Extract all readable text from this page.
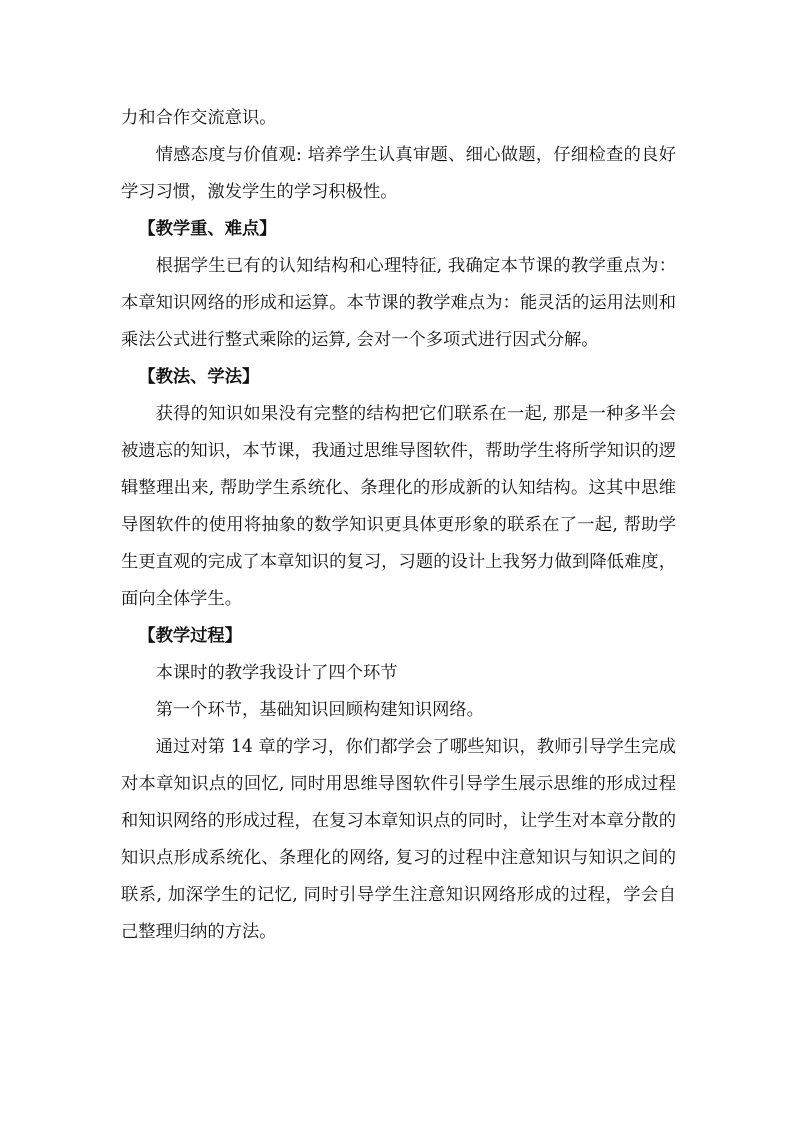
力和合作交流意识。

情感态度与价值观: 培养学生认真审题、细心做题，仔细检查的良好学习习惯，激发学生的学习积极性。

【教学重、难点】

根据学生已有的认知结构和心理特征, 我确定本节课的教学重点为：本章知识网络的形成和运算。本节课的教学难点为：能灵活的运用法则和乘法公式进行整式乘除的运算, 会对一个多项式进行因式分解。

【教法、学法】

获得的知识如果没有完整的结构把它们联系在一起, 那是一种多半会被遗忘的知识，本节课，我通过思维导图软件，帮助学生将所学知识的逻辑整理出来, 帮助学生系统化、条理化的形成新的认知结构。这其中思维导图软件的使用将抽象的数学知识更具体更形象的联系在了一起, 帮助学生更直观的完成了本章知识的复习，习题的设计上我努力做到降低难度，面向全体学生。

【教学过程】

本课时的教学我设计了四个环节

第一个环节，基础知识回顾构建知识网络。

通过对第 14 章的学习，你们都学会了哪些知识，教师引导学生完成对本章知识点的回忆, 同时用思维导图软件引导学生展示思维的形成过程和知识网络的形成过程，在复习本章知识点的同时，让学生对本章分散的知识点形成系统化、条理化的网络, 复习的过程中注意知识与知识之间的联系, 加深学生的记忆, 同时引导学生注意知识网络形成的过程，学会自己整理归纳的方法。
